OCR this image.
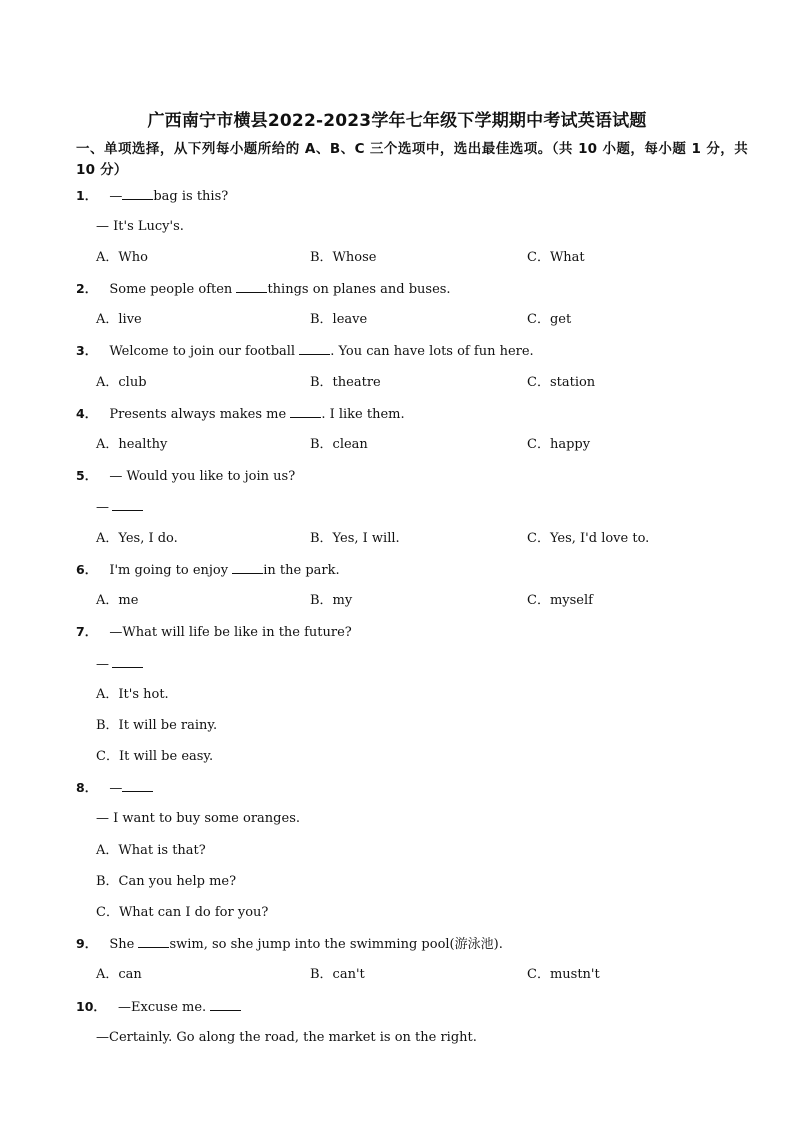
广西南宁市横县2022-2023学年七年级下学期期中考试英语试题
一、单项选择，从下列每小题所给的 A、B、C 三个选项中，选出最佳选项。（共 10 小题，每小题 1 分，共 10 分）
1． — bag is this?
— It's Lucy's.
A．Who	B．Whose	C．What
2． Some people often things on planes and buses.
A．live	B．leave	C．get
3． Welcome to join our football . You can have lots of fun here.
A．club	B．theatre	C．station
4． Presents always makes me . I like them.
A．healthy	B．clean	C．happy
5． — Would you like to join us?
—
A．Yes, I do.	B．Yes, I will.	C．Yes, I'd love to.
6． I'm going to enjoy in the park.
A．me	B．my	C．myself
7． —What will life be like in the future?
—
A．It's hot.
B．It will be rainy.
C．It will be easy.
8． —
— I want to buy some oranges.
A．What is that?
B．Can you help me?
C．What can I do for you?
9． She swim, so she jump into the swimming pool(游泳池).
A．can	B．can't	C．mustn't
10． —Excuse me.
—Certainly. Go along the road, the market is on the right.
